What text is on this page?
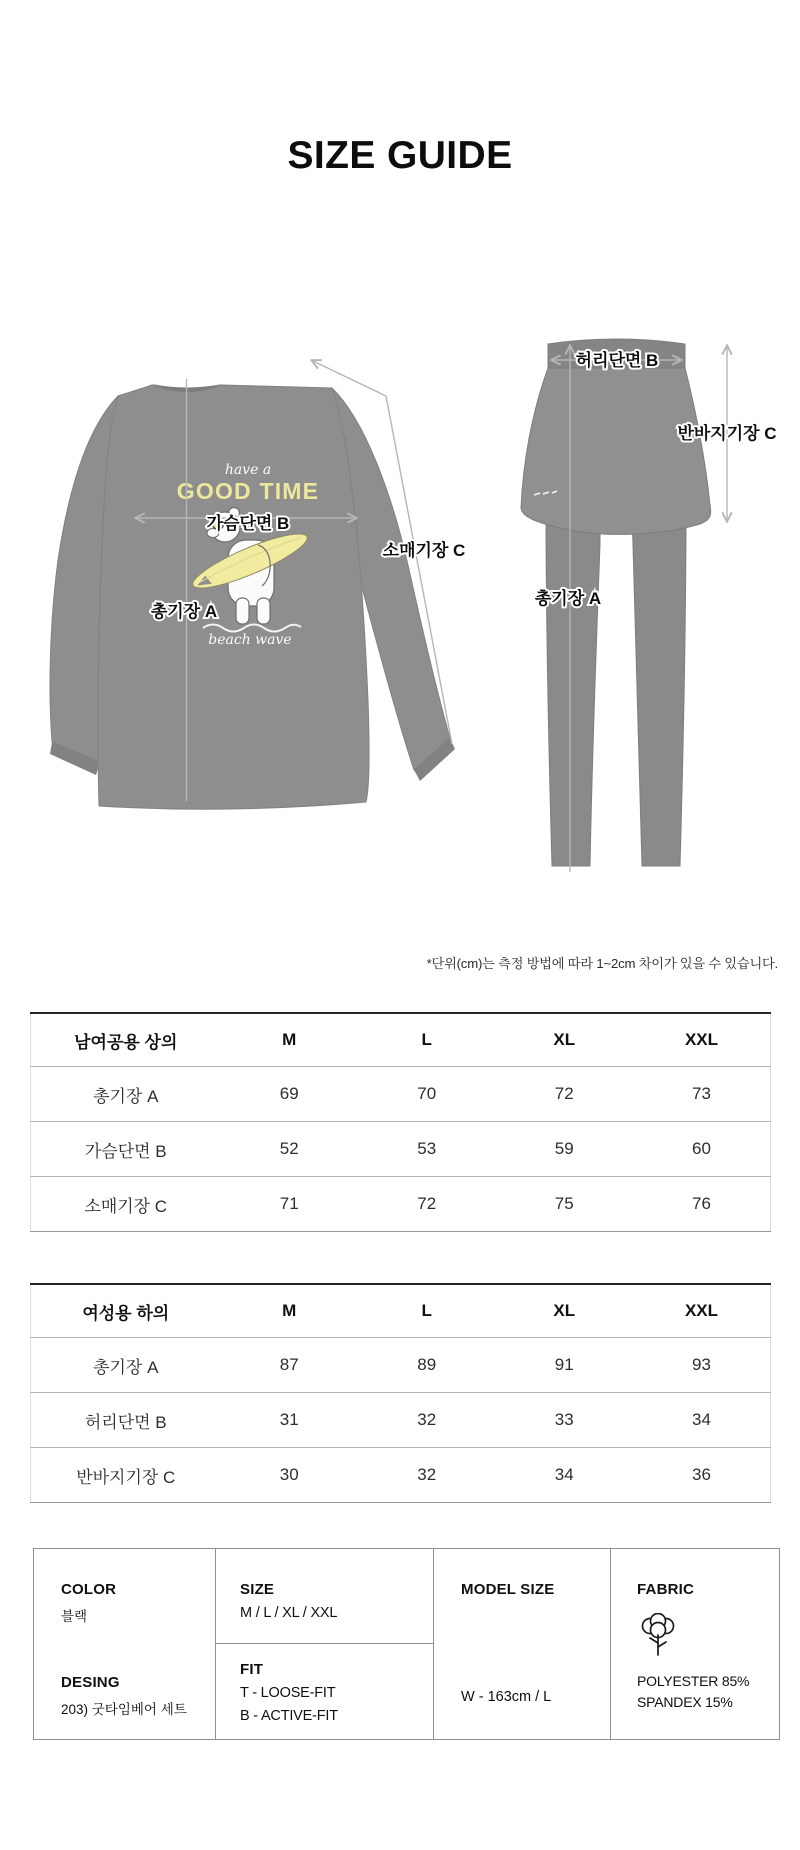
SIZE GUIDE
have a
GOOD TIME
beach wave
가슴단면 B
총기장 A
소매기장 C
허리단면 B
반바지기장 C
총기장 A
*단위(cm)는 측정 방법에 따라 1~2cm 차이가 있을 수 있습니다.
남여공용 상의	M	L	XL	XXL
총기장 A	69	70	72	73
가슴단면 B	52	53	59	60
소매기장 C	71	72	75	76
여성용 하의	M	L	XL	XXL
총기장 A	87	89	91	93
허리단면 B	31	32	33	34
반바지기장 C	30	32	34	36
COLOR
블랙
DESING
203) 굿타임베어 세트
SIZE
M / L / XL / XXL
FIT
T - LOOSE-FIT
B - ACTIVE-FIT
MODEL SIZE
W - 163cm / L
FABRIC
POLYESTER 85%
SPANDEX 15%
